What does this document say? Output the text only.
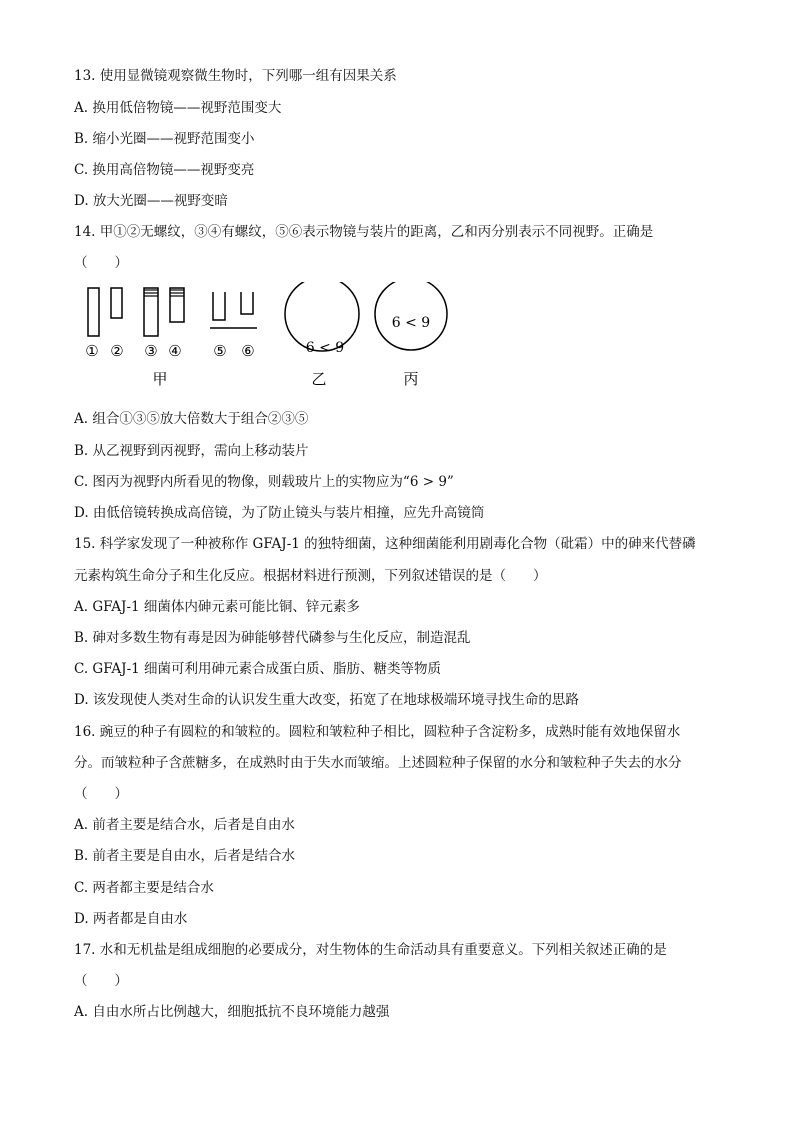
13. 使用显微镜观察微生物时，下列哪一组有因果关系
A. 换用低倍物镜——视野范围变大
B. 缩小光圈——视野范围变小
C. 换用高倍物镜——视野变亮
D. 放大光圈——视野变暗
14. 甲①②无螺纹，③④有螺纹，⑤⑥表示物镜与装片的距离，乙和丙分别表示不同视野。正确是
（　　）
6 < 9
6 < 9
① ② ③ ④ ⑤ ⑥
甲	乙	丙
A. 组合①③⑤放大倍数大于组合②③⑤
B. 从乙视野到丙视野，需向上移动装片
C. 图丙为视野内所看见的物像，则载玻片上的实物应为“6 > 9”
D. 由低倍镜转换成高倍镜，为了防止镜头与装片相撞，应先升高镜筒
15. 科学家发现了一种被称作 GFAJ-1 的独特细菌，这种细菌能利用剧毒化合物（砒霜）中的砷来代替磷
元素构筑生命分子和生化反应。根据材料进行预测，下列叙述错误的是（　　）
A. GFAJ-1 细菌体内砷元素可能比铜、锌元素多
B. 砷对多数生物有毒是因为砷能够替代磷参与生化反应，制造混乱
C. GFAJ-1 细菌可利用砷元素合成蛋白质、脂肪、糖类等物质
D. 该发现使人类对生命的认识发生重大改变，拓宽了在地球极端环境寻找生命的思路
16. 豌豆的种子有圆粒的和皱粒的。圆粒和皱粒种子相比，圆粒种子含淀粉多，成熟时能有效地保留水
分。而皱粒种子含蔗糖多，在成熟时由于失水而皱缩。上述圆粒种子保留的水分和皱粒种子失去的水分
（　　）
A. 前者主要是结合水，后者是自由水
B. 前者主要是自由水，后者是结合水
C. 两者都主要是结合水
D. 两者都是自由水
17. 水和无机盐是组成细胞的必要成分，对生物体的生命活动具有重要意义。下列相关叙述正确的是
（　　）
A. 自由水所占比例越大，细胞抵抗不良环境能力越强
